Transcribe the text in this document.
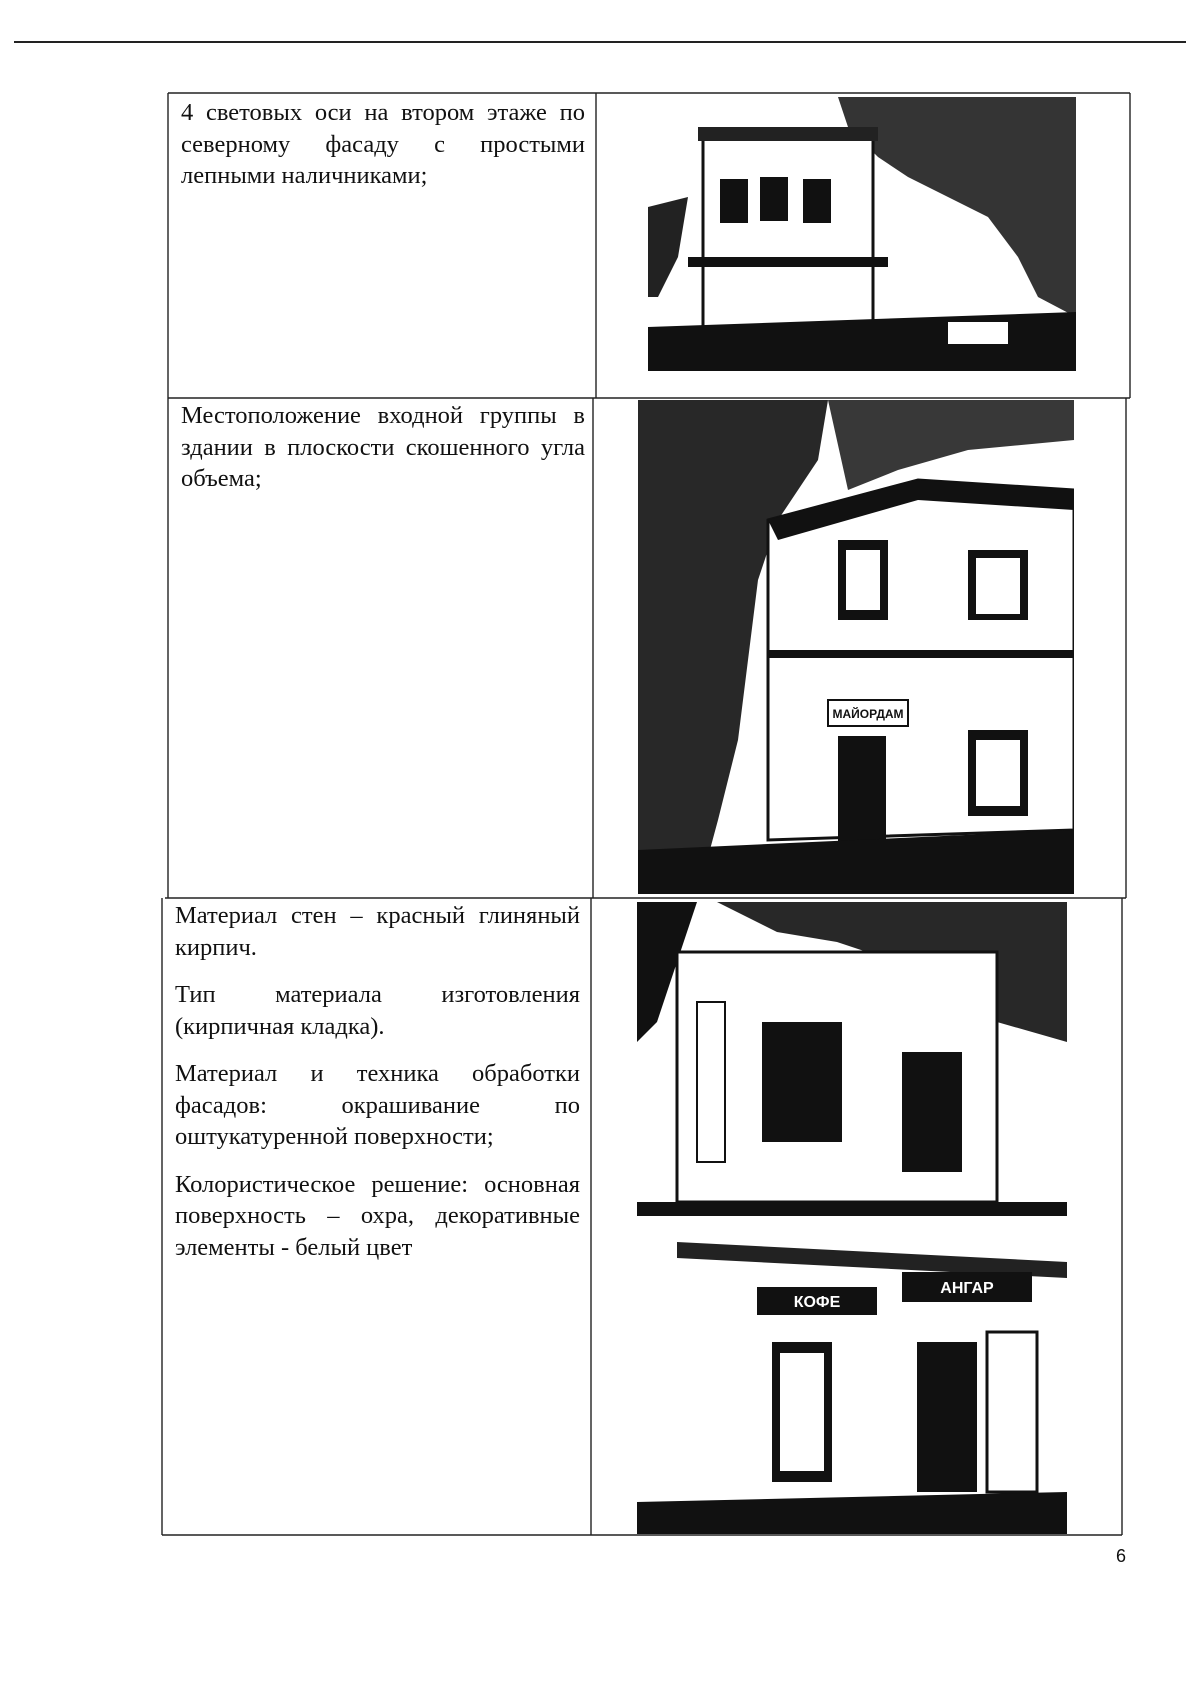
4 световых оси на втором этаже по северному фасаду с простыми лепными наличниками;

Местоположение входной группы в здании в плоскости скошенного угла объема;

МАЙОРДАМ

Материал стен – красный глиняный кирпич.

Тип материала изготовления (кирпичная кладка).

Материал и техника обработки фасадов: окрашивание по оштукатуренной поверхности;

Колористическое решение: основная поверхность – охра, декоративные элементы - белый цвет

КОФЕ
АНГАР
6
